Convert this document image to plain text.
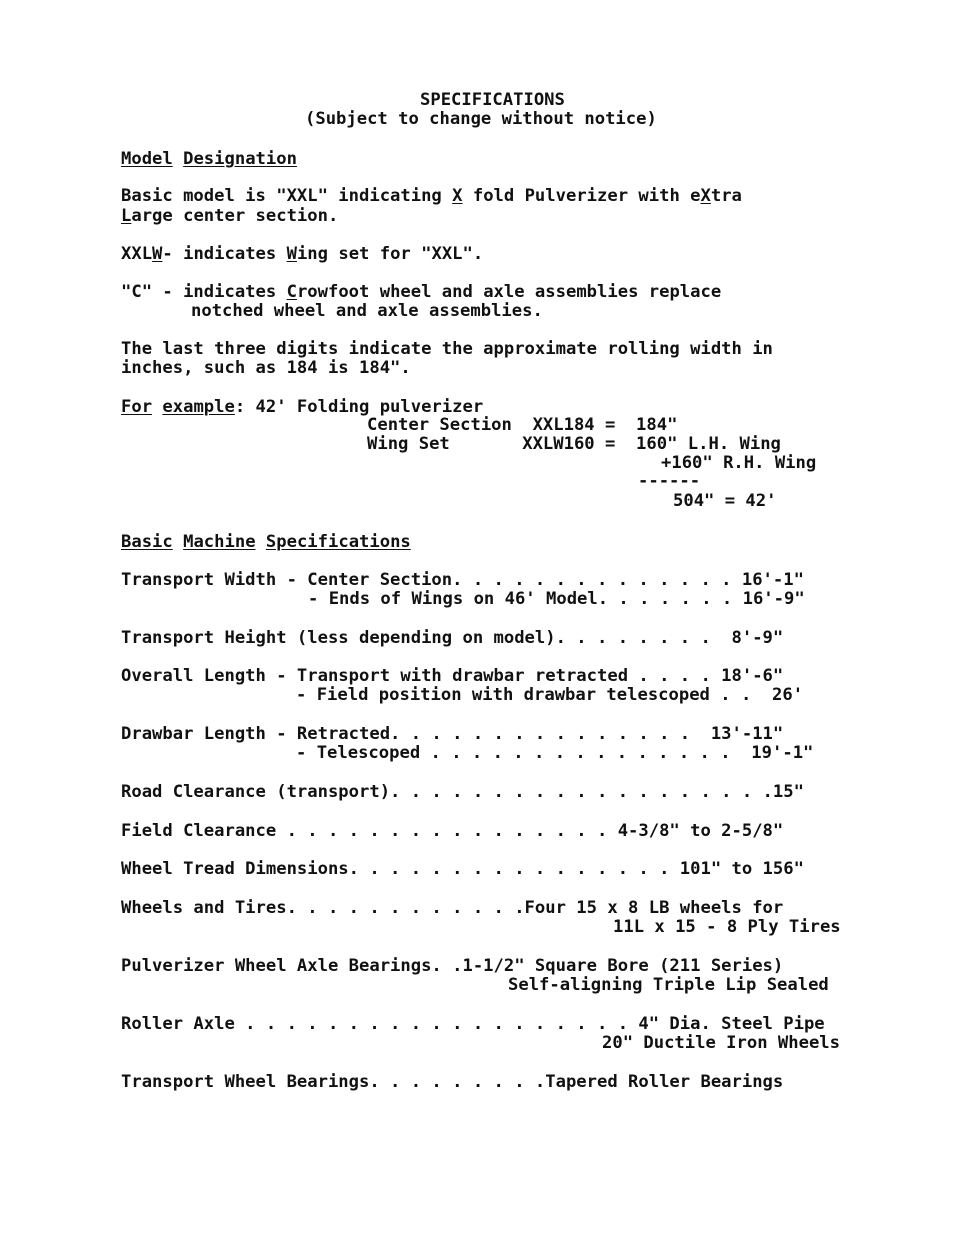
SPECIFICATIONS
(Subject to change without notice)
Model Designation
Basic model is "XXL" indicating X fold Pulverizer with eXtra
Large center section.
XXLW- indicates Wing set for "XXL".
"C" - indicates Crowfoot wheel and axle assemblies replace
notched wheel and axle assemblies.
The last three digits indicate the approximate rolling width in
inches, such as 184 is 184".
For example: 42' Folding pulverizer
Center Section  XXL184 =  184"
Wing Set       XXLW160 =  160" L.H. Wing
+160" R.H. Wing
------
504" = 42'
Basic Machine Specifications
Transport Width - Center Section. . . . . . . . . . . . . . 16'-1"
- Ends of Wings on 46' Model. . . . . . . 16'-9"
Transport Height (less depending on model). . . . . . . .  8'-9"
Overall Length - Transport with drawbar retracted . . . . 18'-6"
- Field position with drawbar telescoped . .  26'
Drawbar Length - Retracted. . . . . . . . . . . . . . .  13'-11"
- Telescoped . . . . . . . . . . . . . . .  19'-1"
Road Clearance (transport). . . . . . . . . . . . . . . . . . .15"
Field Clearance . . . . . . . . . . . . . . . . 4-3/8" to 2-5/8"
Wheel Tread Dimensions. . . . . . . . . . . . . . . . 101" to 156"
Wheels and Tires. . . . . . . . . . . .Four 15 x 8 LB wheels for
11L x 15 - 8 Ply Tires
Pulverizer Wheel Axle Bearings. .1-1/2" Square Bore (211 Series)
Self-aligning Triple Lip Sealed
Roller Axle . . . . . . . . . . . . . . . . . . . 4" Dia. Steel Pipe
20" Ductile Iron Wheels
Transport Wheel Bearings. . . . . . . . .Tapered Roller Bearings
